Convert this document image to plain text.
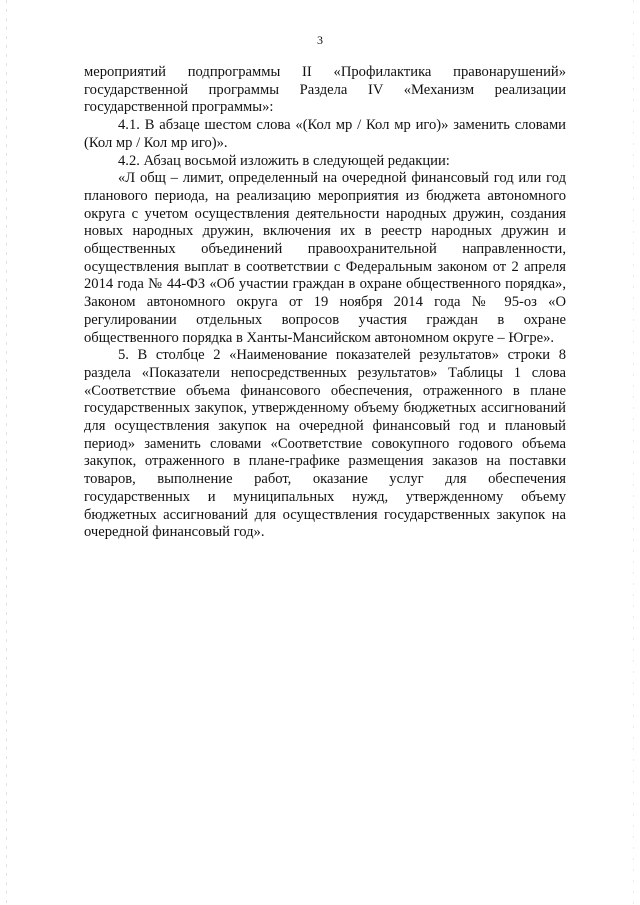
3

мероприятий подпрограммы II «Профилактика правонарушений» государственной программы Раздела IV «Механизм реализации государственной программы»:

4.1. В абзаце шестом слова «(Кол мр / Кол мр иго)» заменить словами (Кол мр / Кол мр иго)».

4.2. Абзац восьмой изложить в следующей редакции:

«Л общ – лимит, определенный на очередной финансовый год или год планового периода, на реализацию мероприятия из бюджета автономного округа с учетом осуществления деятельности народных дружин, создания новых народных дружин, включения их в реестр народных дружин и общественных объединений правоохранительной направленности, осуществления выплат в соответствии с Федеральным законом от 2 апреля 2014 года № 44-ФЗ «Об участии граждан в охране общественного порядка», Законом автономного округа от 19 ноября 2014 года № 95-оз «О регулировании отдельных вопросов участия граждан в охране общественного порядка в Ханты-Мансийском автономном округе – Югре».

5. В столбце 2 «Наименование показателей результатов» строки 8 раздела «Показатели непосредственных результатов» Таблицы 1 слова «Соответствие объема финансового обеспечения, отраженного в плане государственных закупок, утвержденному объему бюджетных ассигнований для осуществления закупок на очередной финансовый год и плановый период» заменить словами «Соответствие совокупного годового объема закупок, отраженного в плане-графике размещения заказов на поставки товаров, выполнение работ, оказание услуг для обеспечения государственных и муниципальных нужд, утвержденному объему бюджетных ассигнований для осуществления государственных закупок на очередной финансовый год».
